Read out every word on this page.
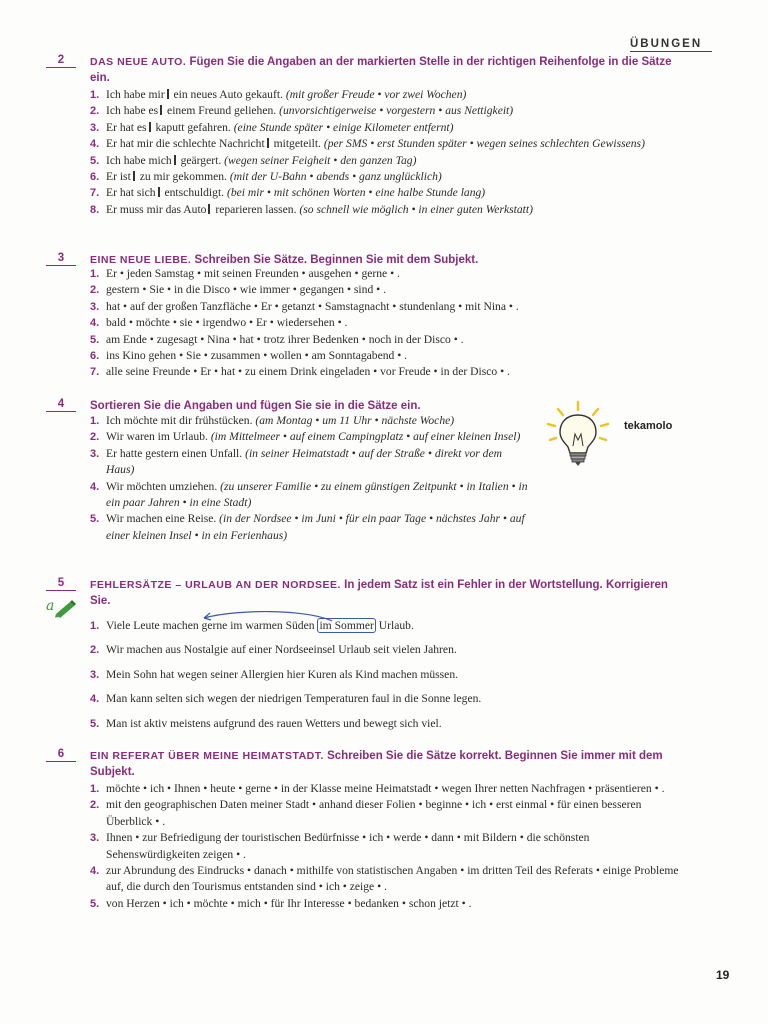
ÜBUNGEN
2	DAS NEUE AUTO. Fügen Sie die Angaben an der markierten Stelle in der richtigen Reihenfolge in die Sätze ein.
1. Ich habe mir ein neues Auto gekauft. (mit großer Freude • vor zwei Wochen)
2. Ich habe es einem Freund geliehen. (unvorsichtigerweise • vorgestern • aus Nettigkeit)
3. Er hat es kaputt gefahren. (eine Stunde später • einige Kilometer entfernt)
4. Er hat mir die schlechte Nachricht mitgeteilt. (per SMS • erst Stunden später • wegen seines schlechten Gewissens)
5. Ich habe mich geärgert. (wegen seiner Feigheit • den ganzen Tag)
6. Er ist zu mir gekommen. (mit der U-Bahn • abends • ganz unglücklich)
7. Er hat sich entschuldigt. (bei mir • mit schönen Worten • eine halbe Stunde lang)
8. Er muss mir das Auto reparieren lassen. (so schnell wie möglich • in einer guten Werkstatt)
3	EINE NEUE LIEBE. Schreiben Sie Sätze. Beginnen Sie mit dem Subjekt.
1. Er • jeden Samstag • mit seinen Freunden • ausgehen • gerne • .
2. gestern • Sie • in die Disco • wie immer • gegangen • sind • .
3. hat • auf der großen Tanzfläche • Er • getanzt • Samstagnacht • stundenlang • mit Nina • .
4. bald • möchte • sie • irgendwo • Er • wiedersehen • .
5. am Ende • zugesagt • Nina • hat • trotz ihrer Bedenken • noch in der Disco • .
6. ins Kino gehen • Sie • zusammen • wollen • am Sonntagabend • .
7. alle seine Freunde • Er • hat • zu einem Drink eingeladen • vor Freude • in der Disco • .
4	Sortieren Sie die Angaben und fügen Sie sie in die Sätze ein.
1. Ich möchte mit dir frühstücken. (am Montag • um 11 Uhr • nächste Woche)
2. Wir waren im Urlaub. (im Mittelmeer • auf einem Campingplatz • auf einer kleinen Insel)
3. Er hatte gestern einen Unfall. (in seiner Heimatstadt • auf der Straße • direkt vor dem Haus)
4. Wir möchten umziehen. (zu unserer Familie • zu einem günstigen Zeitpunkt • in Italien • in ein paar Jahren • in eine Stadt)
5. Wir machen eine Reise. (in der Nordsee • im Juni • für ein paar Tage • nächstes Jahr • auf einer kleinen Insel • in ein Ferienhaus)
tekamolo
5	FEHLERSÄTZE – URLAUB AN DER NORDSEE. In jedem Satz ist ein Fehler in der Wortstellung. Korrigieren Sie.
1. Viele Leute machen gerne im warmen Süden im Sommer Urlaub.
2. Wir machen aus Nostalgie auf einer Nordseeinsel Urlaub seit vielen Jahren.
3. Mein Sohn hat wegen seiner Allergien hier Kuren als Kind machen müssen.
4. Man kann selten sich wegen der niedrigen Temperaturen faul in die Sonne legen.
5. Man ist aktiv meistens aufgrund des rauen Wetters und bewegt sich viel.
a
6	EIN REFERAT ÜBER MEINE HEIMATSTADT. Schreiben Sie die Sätze korrekt. Beginnen Sie immer mit dem Subjekt.
1. möchte • ich • Ihnen • heute • gerne • in der Klasse meine Heimatstadt • wegen Ihrer netten Nachfragen • präsentieren • .
2. mit den geographischen Daten meiner Stadt • anhand dieser Folien • beginne • ich • erst einmal • für einen besseren Überblick • .
3. Ihnen • zur Befriedigung der touristischen Bedürfnisse • ich • werde • dann • mit Bildern • die schönsten Sehenswürdigkeiten zeigen • .
4. zur Abrundung des Eindrucks • danach • mithilfe von statistischen Angaben • im dritten Teil des Referats • einige Probleme auf, die durch den Tourismus entstanden sind • ich • zeige • .
5. von Herzen • ich • möchte • mich • für Ihr Interesse • bedanken • schon jetzt • .
19
